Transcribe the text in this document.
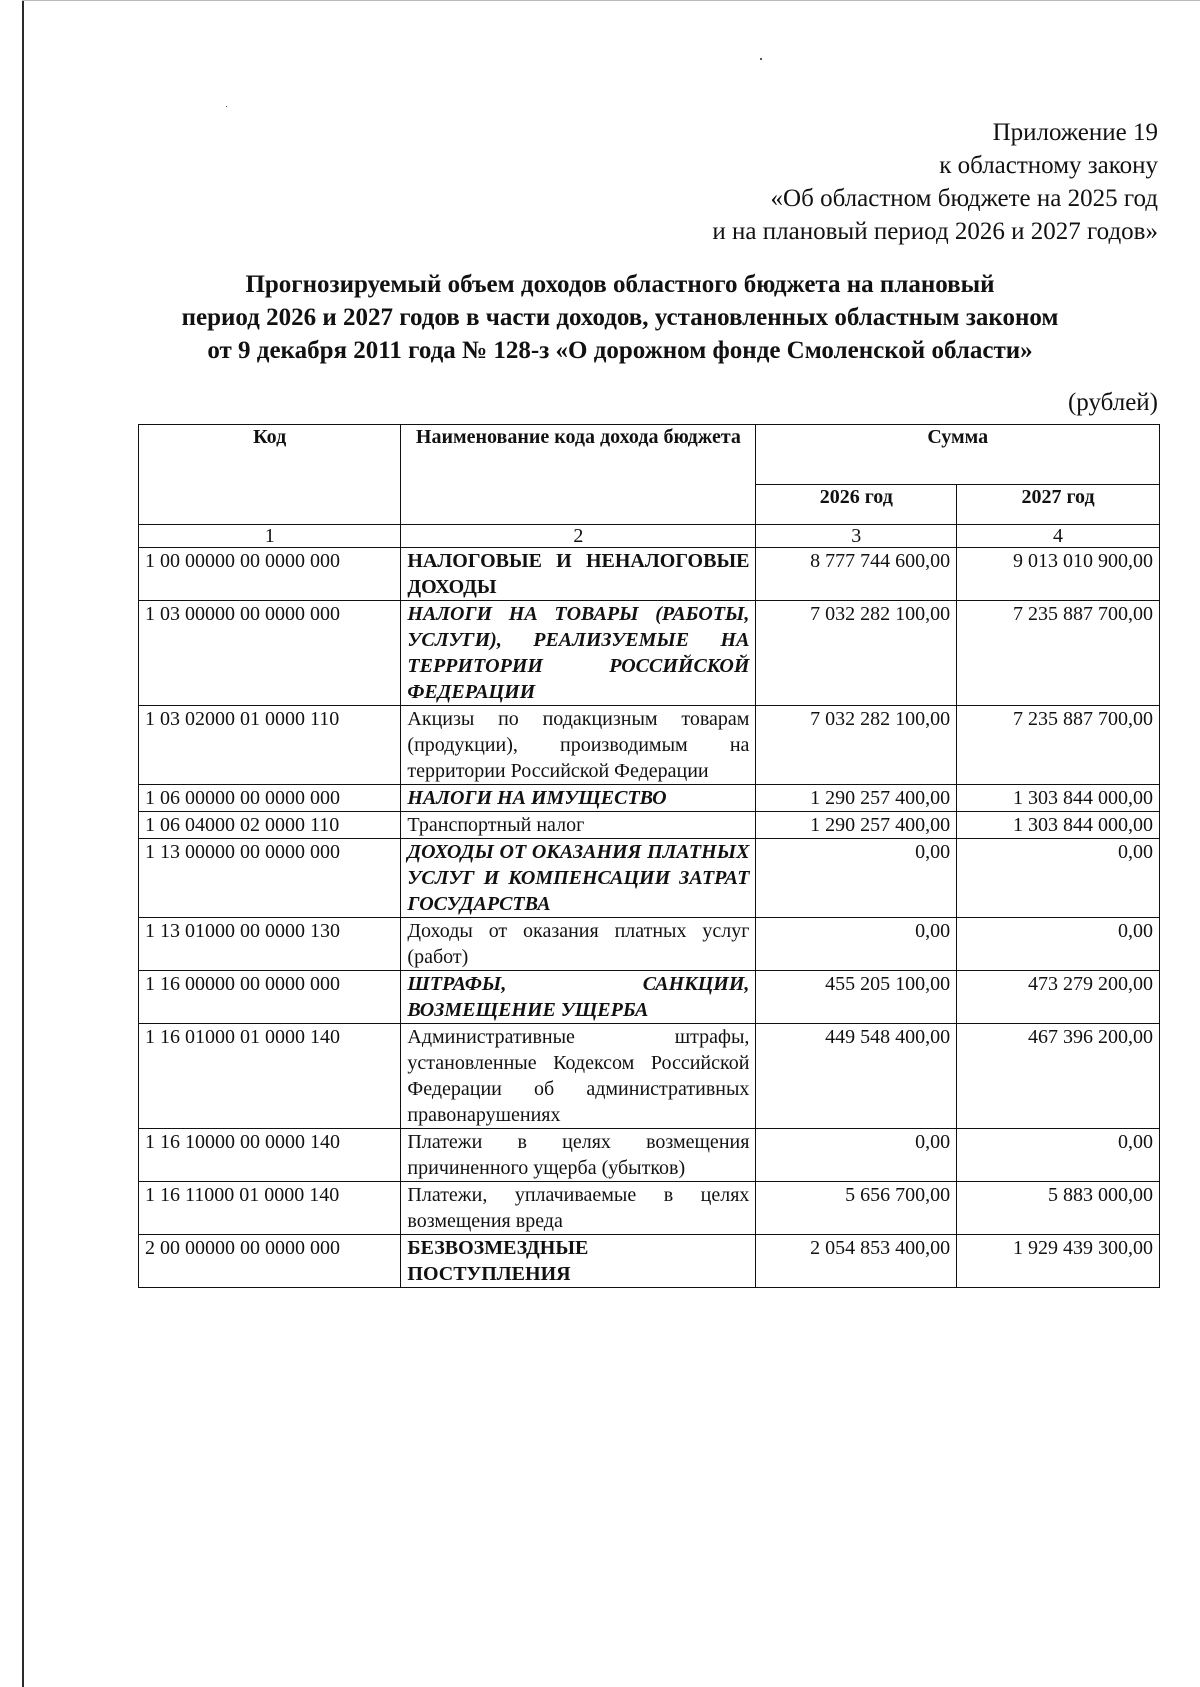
Приложение 19
к областному закону
«Об областном бюджете на 2025 год
и на плановый период 2026 и 2027 годов»
Прогнозируемый объем доходов областного бюджета на плановый
период 2026 и 2027 годов в части доходов, установленных областным законом
от 9 декабря 2011 года № 128-з «О дорожном фонде Смоленской области»
(рублей)
Код	Наименование кода дохода бюджета	Сумма	
		2026 год	2027 год
1	2	3	4
1 00 00000 00 0000 000	НАЛОГОВЫЕ И НЕНАЛОГОВЫЕ ДОХОДЫ	8 777 744 600,00	9 013 010 900,00
1 03 00000 00 0000 000	НАЛОГИ НА ТОВАРЫ (РАБОТЫ, УСЛУГИ), РЕАЛИЗУЕМЫЕ НА ТЕРРИТОРИИ РОССИЙСКОЙ ФЕДЕРАЦИИ	7 032 282 100,00	7 235 887 700,00
1 03 02000 01 0000 110	Акцизы по подакцизным товарам (продукции), производимым на территории Российской Федерации	7 032 282 100,00	7 235 887 700,00
1 06 00000 00 0000 000	НАЛОГИ НА ИМУЩЕСТВО	1 290 257 400,00	1 303 844 000,00
1 06 04000 02 0000 110	Транспортный налог	1 290 257 400,00	1 303 844 000,00
1 13 00000 00 0000 000	ДОХОДЫ ОТ ОКАЗАНИЯ ПЛАТНЫХ УСЛУГ И КОМПЕНСАЦИИ ЗАТРАТ ГОСУДАРСТВА	0,00	0,00
1 13 01000 00 0000 130	Доходы от оказания платных услуг (работ)	0,00	0,00
1 16 00000 00 0000 000	ШТРАФЫ, САНКЦИИ, ВОЗМЕЩЕНИЕ УЩЕРБА	455 205 100,00	473 279 200,00
1 16 01000 01 0000 140	Административные штрафы, установленные Кодексом Российской Федерации об административных правонарушениях	449 548 400,00	467 396 200,00
1 16 10000 00 0000 140	Платежи в целях возмещения причиненного ущерба (убытков)	0,00	0,00
1 16 11000 01 0000 140	Платежи, уплачиваемые в целях возмещения вреда	5 656 700,00	5 883 000,00
2 00 00000 00 0000 000	БЕЗВОЗМЕЗДНЫЕ ПОСТУПЛЕНИЯ	2 054 853 400,00	1 929 439 300,00
